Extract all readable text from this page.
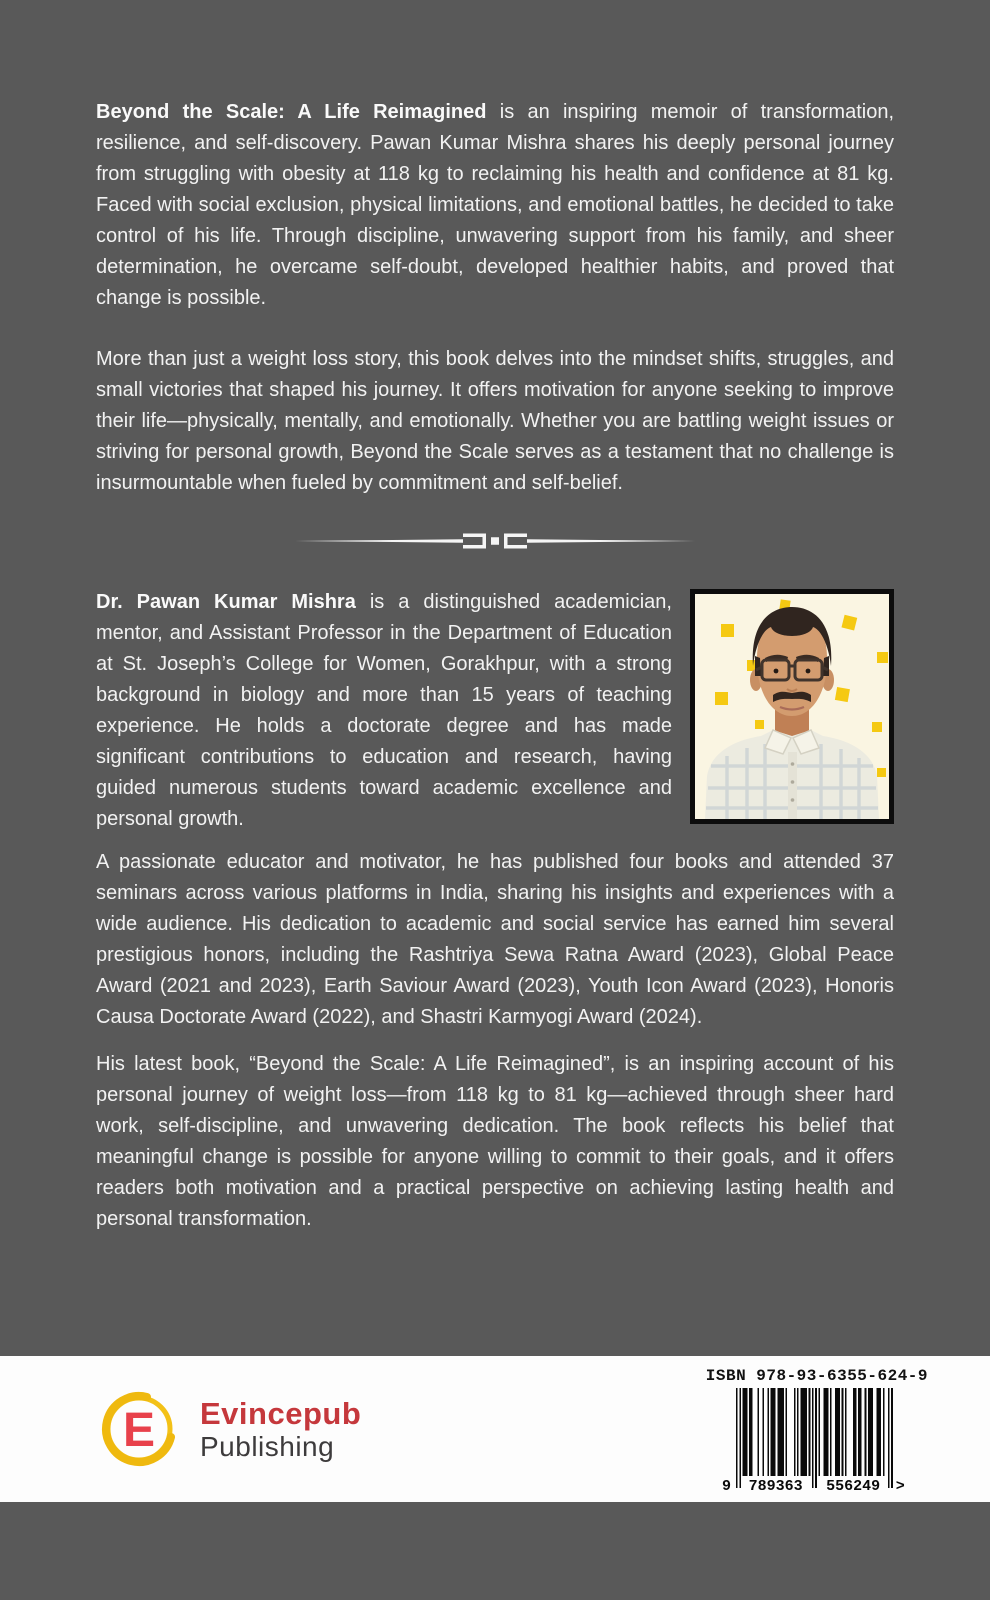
Beyond the Scale: A Life Reimagined is an inspiring memoir of transformation, resilience, and self-discovery. Pawan Kumar Mishra shares his deeply personal journey from struggling with obesity at 118 kg to reclaiming his health and confidence at 81 kg. Faced with social exclusion, physical limitations, and emotional battles, he decided to take control of his life. Through discipline, unwavering support from his family, and sheer determination, he overcame self-doubt, developed healthier habits, and proved that change is possible.

More than just a weight loss story, this book delves into the mindset shifts, struggles, and small victories that shaped his journey. It offers motivation for anyone seeking to improve their life—physically, mentally, and emotionally. Whether you are battling weight issues or striving for personal growth, Beyond the Scale serves as a testament that no challenge is insurmountable when fueled by commitment and self-belief.

Dr. Pawan Kumar Mishra is a distinguished academician, mentor, and Assistant Professor in the Department of Education at St. Joseph’s College for Women, Gorakhpur, with a strong background in biology and more than 15 years of teaching experience. He holds a doctorate degree and has made significant contributions to education and research, having guided numerous students toward academic excellence and personal growth.

A passionate educator and motivator, he has published four books and attended 37 seminars across various platforms in India, sharing his insights and experiences with a wide audience. His dedication to academic and social service has earned him several prestigious honors, including the Rashtriya Sewa Ratna Award (2023), Global Peace Award (2021 and 2023), Earth Saviour Award (2023), Youth Icon Award (2023), Honoris Causa Doctorate Award (2022), and Shastri Karmyogi Award (2024).

His latest book, “Beyond the Scale: A Life Reimagined”, is an inspiring account of his personal journey of weight loss—from 118 kg to 81 kg—achieved through sheer hard work, self-discipline, and unwavering dedication. The book reflects his belief that meaningful change is possible for anyone willing to commit to their goals, and it offers readers both motivation and a practical perspective on achieving lasting health and personal transformation.

E Evincepub
Publishing
ISBN 978-93-6355-624-9
9 789363 556249 >
